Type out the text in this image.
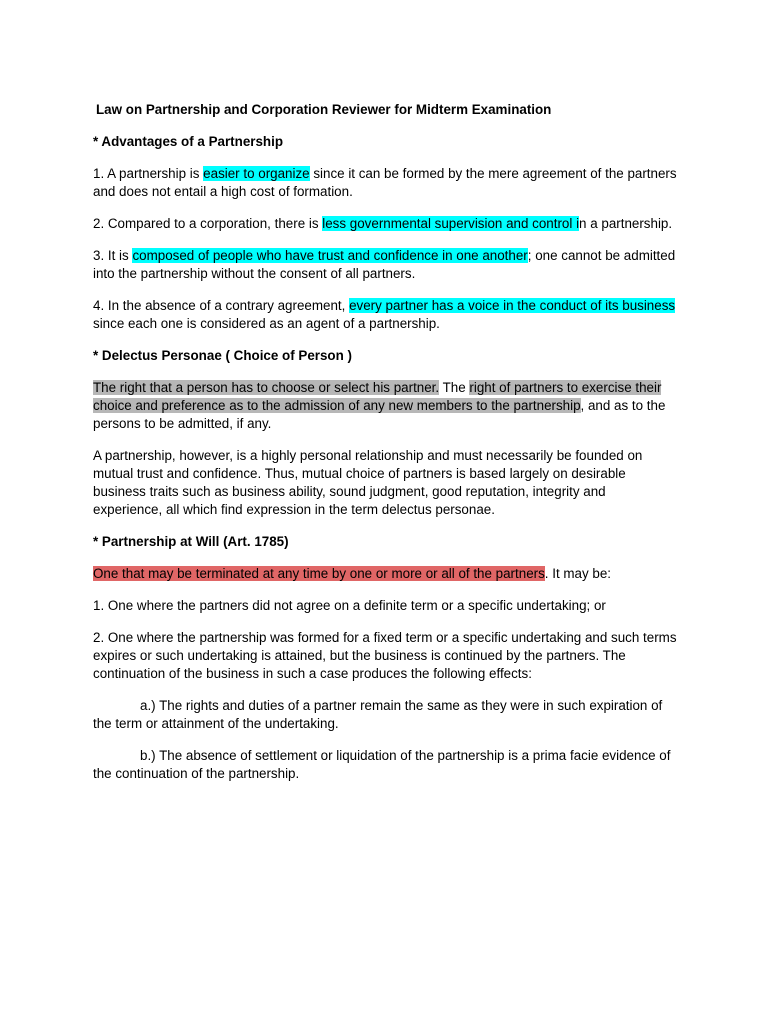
Law on Partnership and Corporation Reviewer for Midterm Examination
* Advantages of a Partnership

1. A partnership is easier to organize since it can be formed by the mere agreement of the partners and does not entail a high cost of formation.

2. Compared to a corporation, there is less governmental supervision and control in a partnership.

3. It is composed of people who have trust and confidence in one another; one cannot be admitted into the partnership without the consent of all partners.

4. In the absence of a contrary agreement, every partner has a voice in the conduct of its business since each one is considered as an agent of a partnership.

* Delectus Personae ( Choice of Person )

The right that a person has to choose or select his partner. The right of partners to exercise their choice and preference as to the admission of any new members to the partnership, and as to the persons to be admitted, if any.

A partnership, however, is a highly personal relationship and must necessarily be founded on mutual trust and confidence. Thus, mutual choice of partners is based largely on desirable business traits such as business ability, sound judgment, good reputation, integrity and experience, all which find expression in the term delectus personae.

* Partnership at Will (Art. 1785)

One that may be terminated at any time by one or more or all of the partners. It may be:

1. One where the partners did not agree on a definite term or a specific undertaking; or

2. One where the partnership was formed for a fixed term or a specific undertaking and such terms expires or such undertaking is attained, but the business is continued by the partners. The continuation of the business in such a case produces the following effects:

a.) The rights and duties of a partner remain the same as they were in such expiration of the term or attainment of the undertaking.

b.) The absence of settlement or liquidation of the partnership is a prima facie evidence of the continuation of the partnership.
